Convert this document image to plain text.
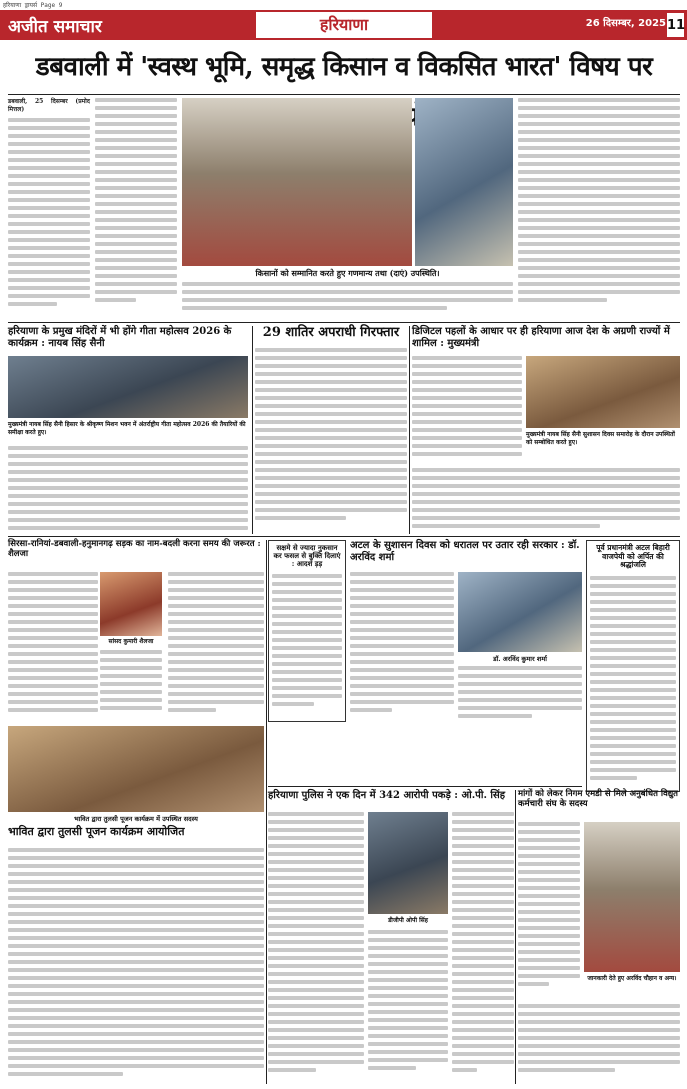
हरियाणा ड्रायर्स Page 9
अजीत समाचार	हरियाणा	26 दिसम्बर, 2025 11
डबवाली में 'स्वस्थ भूमि, समृद्ध किसान व विकसित भारत' विषय पर
डबवाली, 25 दिसम्बर (प्रमोद मित्तल)
किसानों को सम्मानित करते हुए गणमान्य तथा (दाएं) उपस्थिति।
हरियाणा के प्रमुख मंदिरों में भी होंगे गीता महोत्सव 2026 के कार्यक्रम : नायब सिंह सैनी
मुख्यमंत्री नायब सिंह सैनी हिसार के श्रीकृष्ण मिशन भवन में अंतर्राष्ट्रीय गीता महोत्सव 2026 की तैयारियों की समीक्षा करते हुए।
29 शातिर अपराधी गिरफ्तार	डिजिटल पहलों के आधार पर ही हरियाणा आज देश के अग्रणी राज्यों में शामिल : मुख्यमंत्री
मुख्यमंत्री नायब सिंह सैनी सुशासन दिवस समारोह के दौरान उपस्थितों को सम्बोधित करते हुए।
सिरसा-रानियां-डबवाली-हनुमानगढ़ सड़क का नाम-बदली करना समय की जरूरत : शैलजा
सांसद कुमारी शैलजा
सक्षमे से ज्यादा नुकसान कर फसल से बुक्ति दिलाएं : आदर्श ड़ड़
अटल के सुशासन दिवस को धरातल पर उतार रही सरकार : डॉ. अरविंद शर्मा
डॉ. अरविंद कुमार शर्मा
पूर्व प्रधानमंत्री अटल बिहारी वाजपेयी को अर्पित की श्रद्धांजलि
भावित द्वारा तुलसी पूजन कार्यक्रम में उपस्थित सदस्य
भावित द्वारा तुलसी पूजन कार्यक्रम आयोजित
हरियाणा पुलिस ने एक दिन में 342 आरोपी पकड़े : ओ.पी. सिंह
डीजीपी ओपी सिंह
मांगों को लेकर निगम एमडी से मिले अनुबंधित विद्युत कर्मचारी संघ के सदस्य
जानकारी देते हुए अरविंद चौहान व अन्य।
